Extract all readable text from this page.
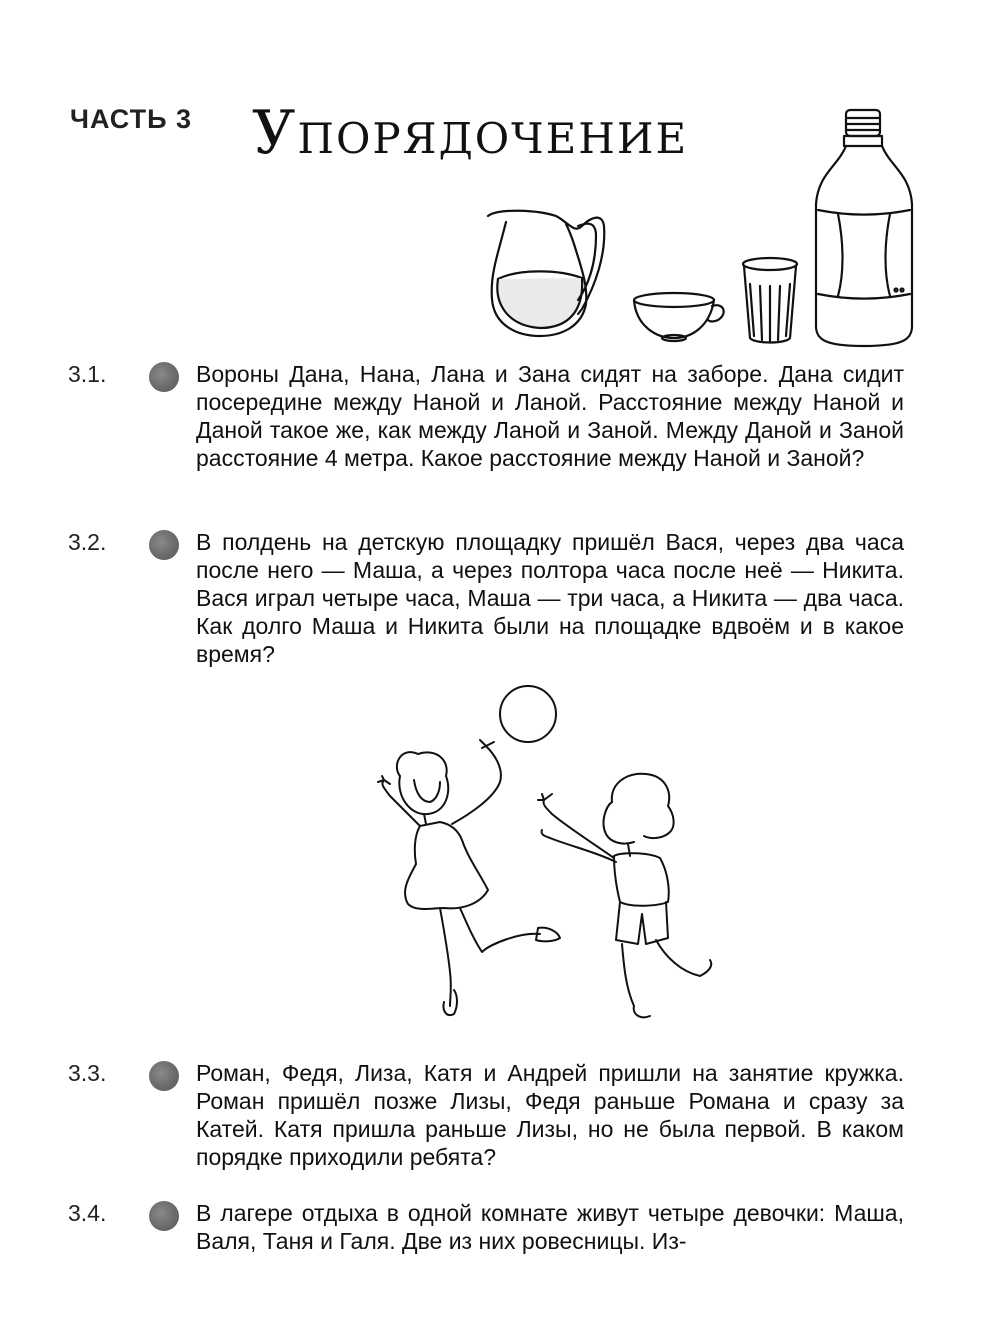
ЧАСТЬ 3 Упорядочение
3.1.	Вороны Дана, Нана, Лана и Зана сидят на заборе. Дана сидит посередине между Наной и Ланой. Расстояние между Наной и Даной такое же, как между Ланой и Заной. Между Даной и Заной расстояние 4 метра. Какое расстояние между Наной и Заной?
3.2.	В полдень на детскую площадку пришёл Вася, через два часа после него — Маша, а через полтора часа после неё — Никита. Вася играл четыре часа, Маша — три часа, а Никита — два часа. Как долго Маша и Никита были на площадке вдвоём и в какое время?
3.3.	Роман, Федя, Лиза, Катя и Андрей пришли на занятие кружка. Роман пришёл позже Лизы, Федя раньше Романа и сразу за Катей. Катя пришла раньше Лизы, но не была первой. В каком порядке приходили ребята?
3.4.	В лагере отдыха в одной комнате живут четыре девочки: Маша, Валя, Таня и Галя. Две из них ровесницы. Из-
